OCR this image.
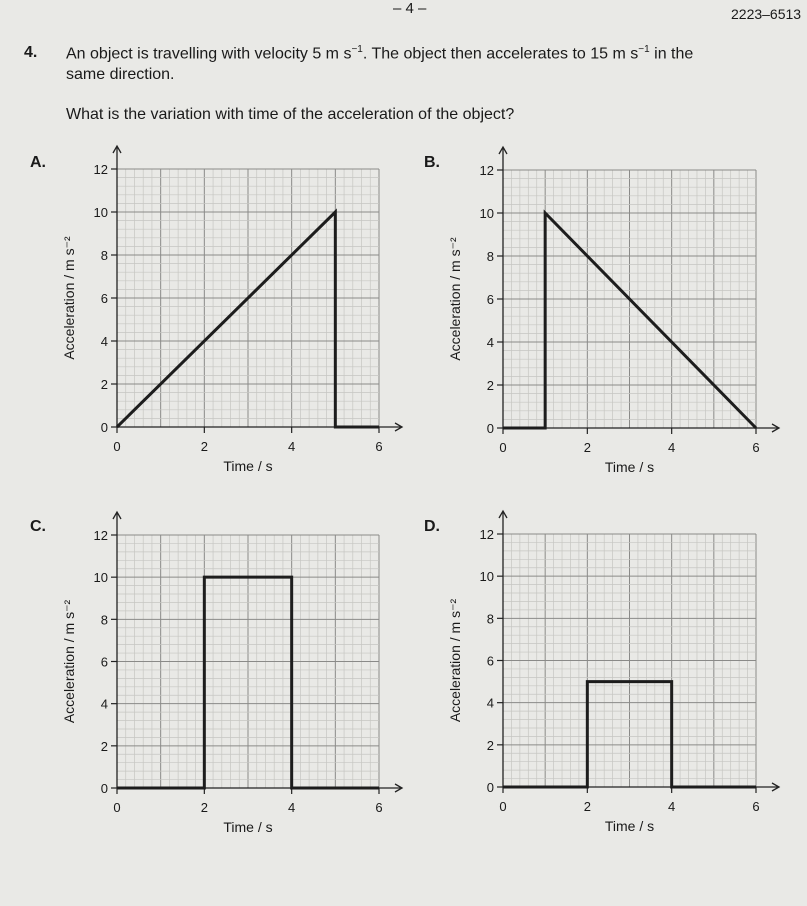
– 4 –	2223–6513
4. An object is travelling with velocity 5 m $s^{-1}$. The object then accelerates to 15 m $s^{-1}$ in the
same direction.
What is the variation with time of the acceleration of the object?
A.	B.
C.	D.
0
2
4
6
8
10
12
0	2	4	6
Time / s
Acceleration / m s⁻²
0
2
4
6
8
10
12
0	2	4	6
Time / s
Acceleration / m s⁻²
0
2
4
6
8
10
12
0	2	4	6
Time / s
Acceleration / m s⁻²
0
2
4
6
8
10
12
0	2	4	6
Time / s
Acceleration / m s⁻²
